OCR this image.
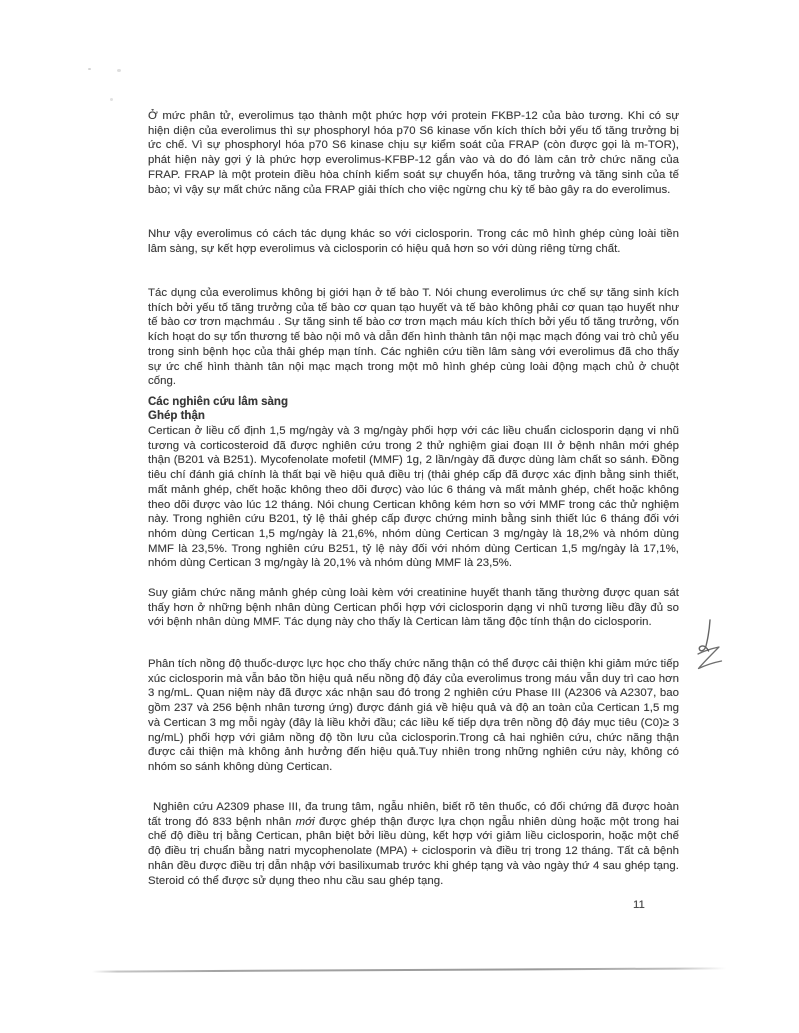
Ở mức phân tử, everolimus tạo thành một phức hợp với protein FKBP-12 của bào tương. Khi có sự hiện diện của everolimus thì sự phosphoryl hóa p70 S6 kinase vốn kích thích bởi yếu tố tăng trưởng bị ức chế. Vì sự phosphoryl hóa p70 S6 kinase chịu sự kiểm soát của FRAP (còn được gọi là m-TOR), phát hiện này gợi ý là phức hợp everolimus-KFBP-12 gắn vào và do đó làm cản trở chức năng của FRAP. FRAP là một protein điều hòa chính kiểm soát sự chuyển hóa, tăng trưởng và tăng sinh của tế bào; vì vậy sự mất chức năng của FRAP giải thích cho việc ngừng chu kỳ tế bào gây ra do everolimus.

Như vậy everolimus có cách tác dụng khác so với ciclosporin. Trong các mô hình ghép cùng loài tiền lâm sàng, sự kết hợp everolimus và ciclosporin có hiệu quả hơn so với dùng riêng từng chất.

Tác dụng của everolimus không bị giới hạn ở tế bào T. Nói chung everolimus ức chế sự tăng sinh kích thích bởi yếu tố tăng trưởng của tế bào cơ quan tạo huyết và tế bào không phải cơ quan tạo huyết như tế bào cơ trơn mạchmáu . Sự tăng sinh tế bào cơ trơn mạch máu kích thích bởi yếu tố tăng trưởng, vốn kích hoạt do sự tổn thương tế bào nội mô và dẫn đến hình thành tân nội mạc mạch đóng vai trò chủ yếu trong sinh bệnh học của thải ghép mạn tính. Các nghiên cứu tiền lâm sàng với everolimus đã cho thấy sự ức chế hình thành tân nội mạc mạch trong một mô hình ghép cùng loài động mạch chủ ở chuột cống.

Các nghiên cứu lâm sàng
Ghép thận

Certican ở liều cố định 1,5 mg/ngày và 3 mg/ngày phối hợp với các liều chuẩn ciclosporin dạng vi nhũ tương và corticosteroid đã được nghiên cứu trong 2 thử nghiệm giai đoạn III ở bệnh nhân mới ghép thận (B201 và B251). Mycofenolate mofetil (MMF) 1g, 2 lần/ngày đã được dùng làm chất so sánh. Đồng tiêu chí đánh giá chính là thất bại về hiệu quả điều trị (thải ghép cấp đã được xác định bằng sinh thiết, mất mảnh ghép, chết hoặc không theo dõi được) vào lúc 6 tháng và mất mảnh ghép, chết hoặc không theo dõi được vào lúc 12 tháng. Nói chung Certican không kém hơn so với MMF trong các thử nghiệm này. Trong nghiên cứu B201, tỷ lệ thải ghép cấp được chứng minh bằng sinh thiết lúc 6 tháng đối với nhóm dùng Certican 1,5 mg/ngày là 21,6%, nhóm dùng Certican 3 mg/ngày là 18,2% và nhóm dùng MMF là 23,5%. Trong nghiên cứu B251, tỷ lệ này đối với nhóm dùng Certican 1,5 mg/ngày là 17,1%, nhóm dùng Certican 3 mg/ngày là 20,1% và nhóm dùng MMF là 23,5%.

Suy giảm chức năng mảnh ghép cùng loài kèm với creatinine huyết thanh tăng thường được quan sát thấy hơn ở những bệnh nhân dùng Certican phối hợp với ciclosporin dạng vi nhũ tương liều đầy đủ so với bệnh nhân dùng MMF. Tác dụng này cho thấy là Certican làm tăng độc tính thận do ciclosporin.

Phân tích nồng độ thuốc-dược lực học cho thấy chức năng thận có thể được cải thiện khi giảm mức tiếp xúc ciclosporin mà vẫn bảo tồn hiệu quả nếu nồng độ đáy của everolimus trong máu vẫn duy trì cao hơn 3 ng/mL. Quan niệm này đã được xác nhận sau đó trong 2 nghiên cứu Phase III (A2306 và A2307, bao gồm 237 và 256 bệnh nhân tương ứng) được đánh giá về hiệu quả và độ an toàn của Certican 1,5 mg và Certican 3 mg mỗi ngày (đây là liều khởi đầu; các liều kế tiếp dựa trên nồng độ đáy mục tiêu (C0)≥ 3 ng/mL) phối hợp với giảm nồng độ tồn lưu của ciclosporin.Trong cả hai nghiên cứu, chức năng thận được cải thiện mà không ảnh hưởng đến hiệu quả.Tuy nhiên trong những nghiên cứu này, không có nhóm so sánh không dùng Certican.

Nghiên cứu A2309 phase III, đa trung tâm, ngẫu nhiên, biết rõ tên thuốc, có đối chứng đã được hoàn tất trong đó 833 bệnh nhân mới được ghép thận được lựa chọn ngẫu nhiên dùng hoặc một trong hai chế độ điều trị bằng Certican, phân biệt bởi liều dùng, kết hợp với giảm liều ciclosporin, hoặc một chế độ điều trị chuẩn bằng natri mycophenolate (MPA) + ciclosporin và điều trị trong 12 tháng. Tất cả bệnh nhân đều được điều trị dẫn nhập với basilixumab trước khi ghép tạng và vào ngày thứ 4 sau ghép tạng. Steroid có thể được sử dụng theo nhu cầu sau ghép tạng.

11
